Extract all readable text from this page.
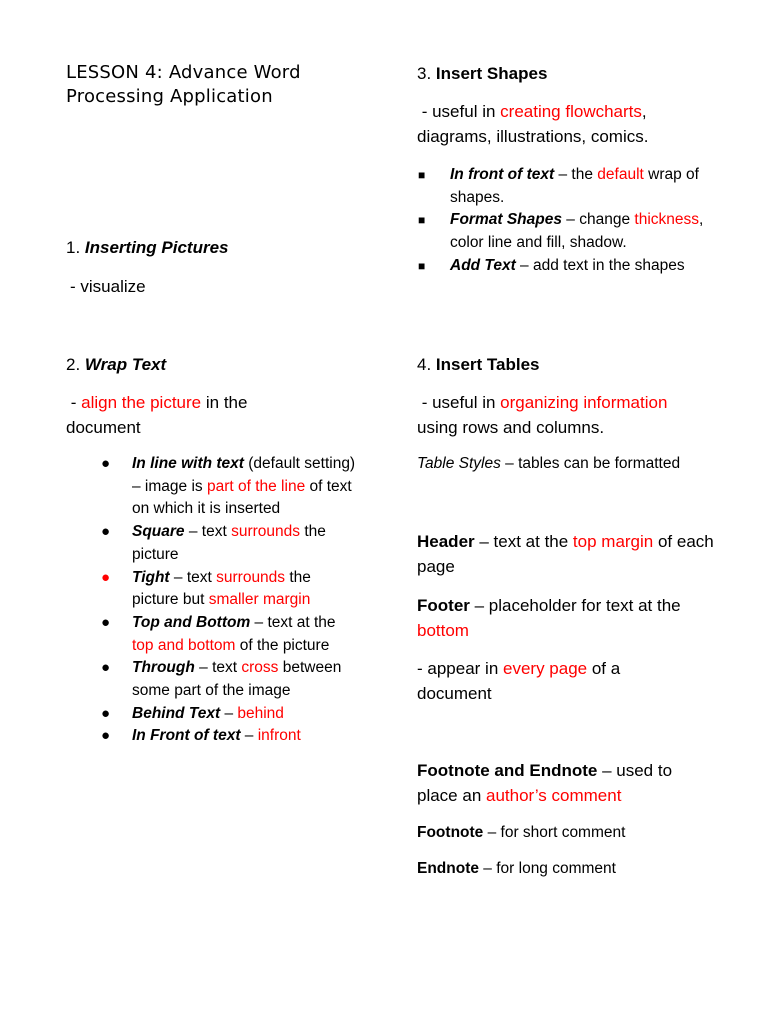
LESSON 4: Advance Word
Processing Application
1. Inserting Pictures
- visualize
2. Wrap Text
- align the picture in the
document
● In line with text (default setting) – image is part of the line of text on which it is inserted
● Square – text surrounds the picture
● Tight – text surrounds the picture but smaller margin
● Top and Bottom – text at the top and bottom of the picture
● Through – text cross between some part of the image
● Behind Text – behind
● In Front of text – infront
3. Insert Shapes
- useful in creating flowcharts,
diagrams, illustrations, comics.
■ In front of text – the default wrap of shapes.
■ Format Shapes – change thickness, color line and fill, shadow.
■ Add Text – add text in the shapes
4. Insert Tables
- useful in organizing information
using rows and columns.
Table Styles – tables can be formatted
Header – text at the top margin of each page
Footer – placeholder for text at the bottom
- appear in every page of a document
Footnote and Endnote – used to place an author’s comment
Footnote – for short comment
Endnote – for long comment
